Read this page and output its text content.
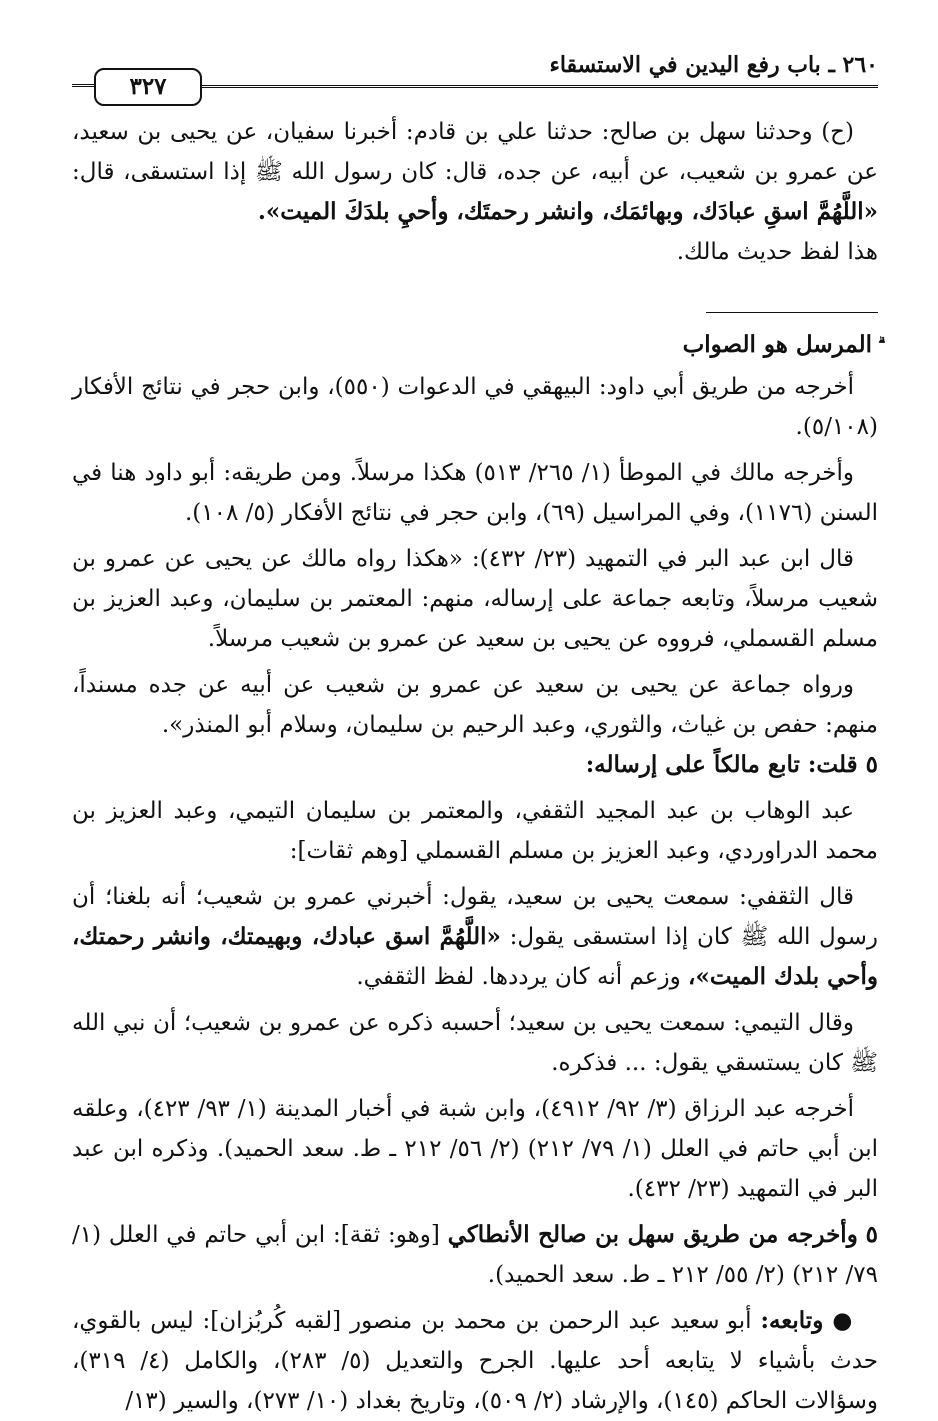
٢٦٠ ـ باب رفع اليدين في الاستسقاء
٣٢٧

(ح) وحدثنا سهل بن صالح: حدثنا علي بن قادم: أخبرنا سفيان، عن يحيى بن سعيد، عن عمرو بن شعيب، عن أبيه، عن جده، قال: كان رسول الله ﷺ إذا استسقى، قال: «اللَّهُمَّ اسقِ عبادَك، وبهائمَك، وانشر رحمتَك، وأحيِ بلدَكَ الميت».

هذا لفظ حديث مالك.

المرسل هو الصواب

أخرجه من طريق أبي داود: البيهقي في الدعوات (٥٥٠)، وابن حجر في نتائج الأفكار (٥/١٠٨).

وأخرجه مالك في الموطأ (١/ ٢٦٥/ ٥١٣) هكذا مرسلاً. ومن طريقه: أبو داود هنا في السنن (١١٧٦)، وفي المراسيل (٦٩)، وابن حجر في نتائج الأفكار (٥/ ١٠٨).

قال ابن عبد البر في التمهيد (٢٣/ ٤٣٢): «هكذا رواه مالك عن يحيى عن عمرو بن شعيب مرسلاً، وتابعه جماعة على إرساله، منهم: المعتمر بن سليمان، وعبد العزيز بن مسلم القسملي، فرووه عن يحيى بن سعيد عن عمرو بن شعيب مرسلاً.

ورواه جماعة عن يحيى بن سعيد عن عمرو بن شعيب عن أبيه عن جده مسنداً، منهم: حفص بن غياث، والثوري، وعبد الرحيم بن سليمان، وسلام أبو المنذر».

٥ قلت: تابع مالكاً على إرساله:

عبد الوهاب بن عبد المجيد الثقفي، والمعتمر بن سليمان التيمي، وعبد العزيز بن محمد الدراوردي، وعبد العزيز بن مسلم القسملي [وهم ثقات]:

قال الثقفي: سمعت يحيى بن سعيد، يقول: أخبرني عمرو بن شعيب؛ أنه بلغنا؛ أن رسول الله ﷺ كان إذا استسقى يقول: «اللَّهُمَّ اسق عبادك، وبهيمتك، وانشر رحمتك، وأحي بلدك الميت»، وزعم أنه كان يرددها. لفظ الثقفي.

وقال التيمي: سمعت يحيى بن سعيد؛ أحسبه ذكره عن عمرو بن شعيب؛ أن نبي الله ﷺ كان يستسقي يقول: ... فذكره.

أخرجه عبد الرزاق (٣/ ٩٢/ ٤٩١٢)، وابن شبة في أخبار المدينة (١/ ٩٣/ ٤٢٣)، وعلقه ابن أبي حاتم في العلل (١/ ٧٩/ ٢١٢) (٢/ ٥٦/ ٢١٢ ـ ط. سعد الحميد). وذكره ابن عبد البر في التمهيد (٢٣/ ٤٣٢).

٥ وأخرجه من طريق سهل بن صالح الأنطاكي [وهو: ثقة]: ابن أبي حاتم في العلل (١/ ٧٩/ ٢١٢) (٢/ ٥٥/ ٢١٢ ـ ط. سعد الحميد).

● وتابعه: أبو سعيد عبد الرحمن بن محمد بن منصور [لقبه كُربُزان]: ليس بالقوي، حدث بأشياء لا يتابعه أحد عليها. الجرح والتعديل (٥/ ٢٨٣)، والكامل (٤/ ٣١٩)، وسؤالات الحاكم (١٤٥)، والإرشاد (٢/ ٥٠٩)، وتاريخ بغداد (١٠/ ٢٧٣)، والسير (١٣/
